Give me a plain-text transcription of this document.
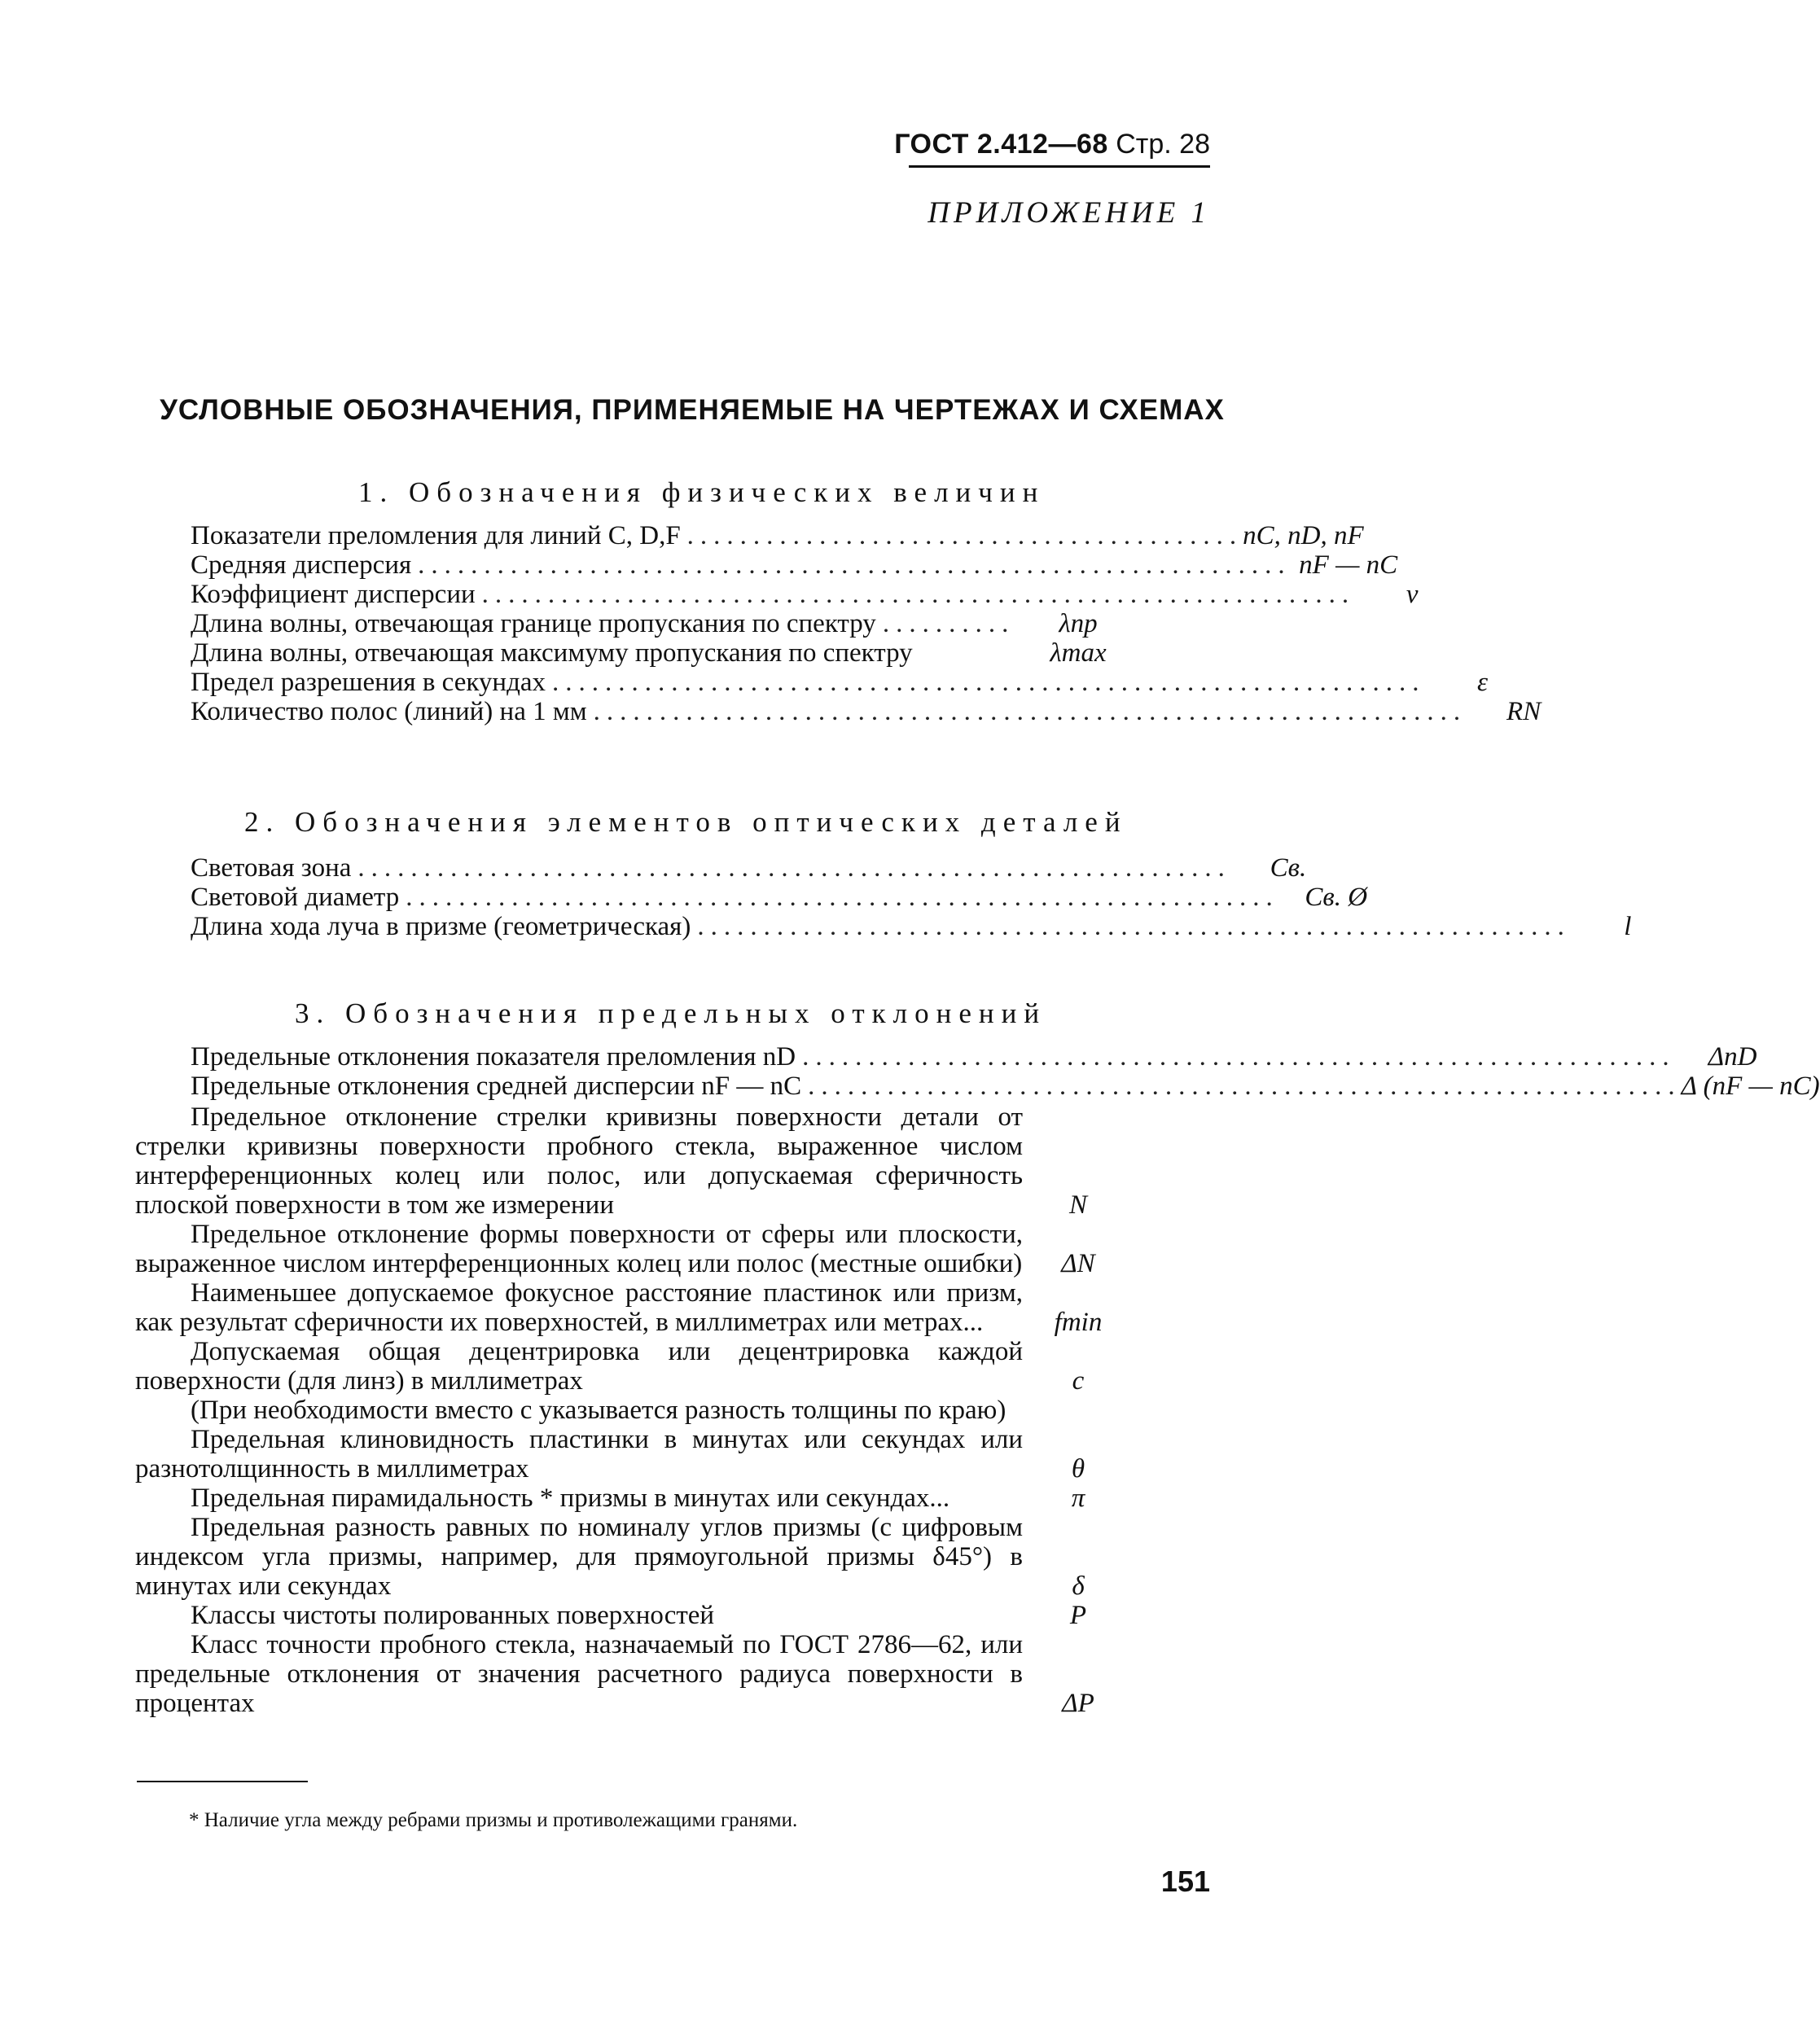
ГОСТ 2.412—68 Стр. 28
ПРИЛОЖЕНИЕ 1
УСЛОВНЫЕ ОБОЗНАЧЕНИЯ, ПРИМЕНЯЕМЫЕ НА ЧЕРТЕЖАХ И СХЕМАХ
1. Обозначения физических величин
Показатели преломления для линий C, D,F .......................................... nC, nD, nF
Средняя дисперсия .................................................................. nF — nC
Коэффициент дисперсии ..................................................................	ν
Длина волны, отвечающая границе пропускания по спектру ..........	λпр
Длина волны, отвечающая максимуму пропускания по спектру	λmax
Предел разрешения в секундах ..................................................................	ε
Количество полос (линий) на 1 мм ..................................................................	RN
2. Обозначения элементов оптических деталей
Световая зона ..................................................................	Св.
Световой диаметр .................................................................. Св. Ø
Длина хода луча в призме (геометрическая) ..................................................................	l
3. Обозначения предельных отклонений
Предельные отклонения показателя преломления nD ..................................................................	ΔnD
Предельные отклонения средней дисперсии nF — nC .................................................................. Δ (nF — nC)
Предельное отклонение стрелки кривизны поверхности детали от стрелки кривизны поверхности пробного стекла, выраженное числом интерференционных колец или полос, или допускаемая сферичность плоской поверхности в том же измерении	N
Предельное отклонение формы поверхности от сферы или плоскости, выраженное числом интерференционных колец или полос (местные ошибки)	ΔN
Наименьшее допускаемое фокусное расстояние пластинок или призм, как результат сферичности их поверхностей, в миллиметрах или метрах...	fmin
Допускаемая общая децентрировка или децентрировка каждой поверхности (для линз) в миллиметрах	c
(При необходимости вместо c указывается разность толщины по краю)
Предельная клиновидность пластинки в минутах или секундах или разнотолщинность в миллиметрах	θ
Предельная пирамидальность * призмы в минутах или секундах...	π
Предельная разность равных по номиналу углов призмы (с цифровым индексом угла призмы, например, для прямоугольной призмы δ45°) в минутах или секундах	δ
Классы чистоты полированных поверхностей	P
Класс точности пробного стекла, назначаемый по ГОСТ 2786—62, или предельные отклонения от значения расчетного радиуса поверхности в процентах	ΔP
* Наличие угла между ребрами призмы и противолежащими гранями.
151
